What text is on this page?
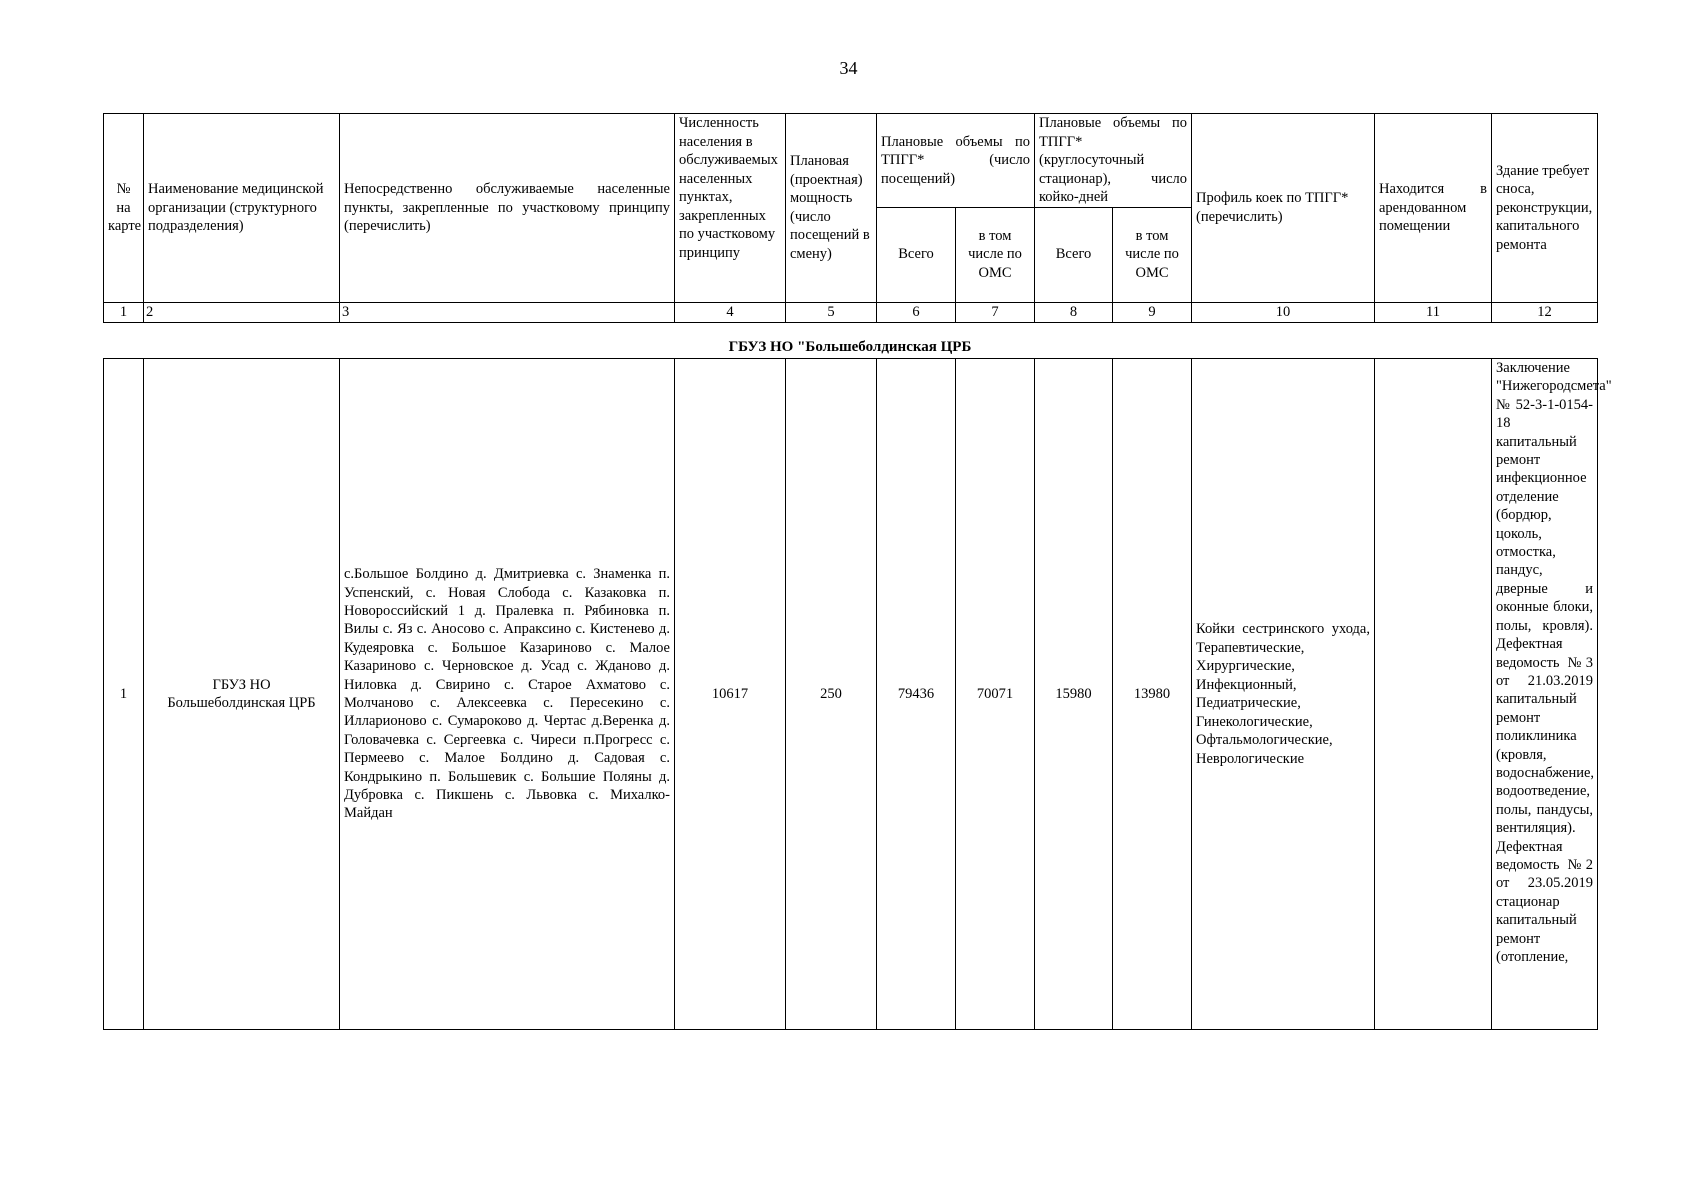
34
№ на карте	Наименование медицинской организации (структурного подразделения)	Непосредственно обслуживаемые населенные пункты, закрепленные по участковому принципу (перечислить)	Численность населения в обслуживаемых населенных пунктах, закрепленных по участковому принципу	Плановая (проектная) мощность (число посещений в смену)	Плановые объемы по ТПГГ* (число посещений)		Плановые объемы по ТПГГ* (круглосуточный стационар), число койко-дней		Профиль коек по ТПГГ* (перечислить)	Находится в арендованном помещении	Здание требует сноса, реконструкции, капитального ремонта
					Всего	в том числе по ОМС	Всего	в том числе по ОМС			
1	2	3	4	5	6	7	8	9	10	11	12
ГБУЗ НО "Большеболдинская ЦРБ
1	ГБУЗ НО Большеболдинская ЦРБ	с.Большое Болдино д. Дмитриевка с. Знаменка п. Успенский, с. Новая Слобода с. Казаковка п. Новороссийский 1 д. Пралевка п. Рябиновка п. Вилы с. Яз с. Аносово с. Апраксино с. Кистенево д. Кудеяровка с. Большое Казариново с. Малое Казариново с. Черновское д. Усад с. Жданово д. Ниловка д. Свирино с. Старое Ахматово с. Молчаново с. Алексеевка с. Пересекино с. Илларионово с. Сумароково д. Чертас д.Веренка д. Головачевка с. Сергеевка с. Чиреси п.Прогресс с. Пермеево с. Малое Болдино д. Садовая с. Кондрыкино п. Большевик с. Большие Поляны д. Дубровка с. Пикшень с. Львовка с. Михалко-Майдан	10617	250	79436	70071	15980	13980	Койки сестринского ухода, Терапевтические, Хирургические, Инфекционный, Педиатрические, Гинекологические, Офтальмологические, Неврологические		Заключение "Нижегородсмета" №52-3-1-0154-18 капитальный ремонт инфекционное отделение (бордюр, цоколь, отмостка, пандус, дверные и оконные блоки, полы, кровля). Дефектная ведомость №3 от 21.03.2019 капитальный ремонт поликлиника (кровля, водоснабжение, водоотведение, полы, пандусы, вентиляция). Дефектная ведомость №2 от 23.05.2019 стационар капитальный ремонт (отопление,
